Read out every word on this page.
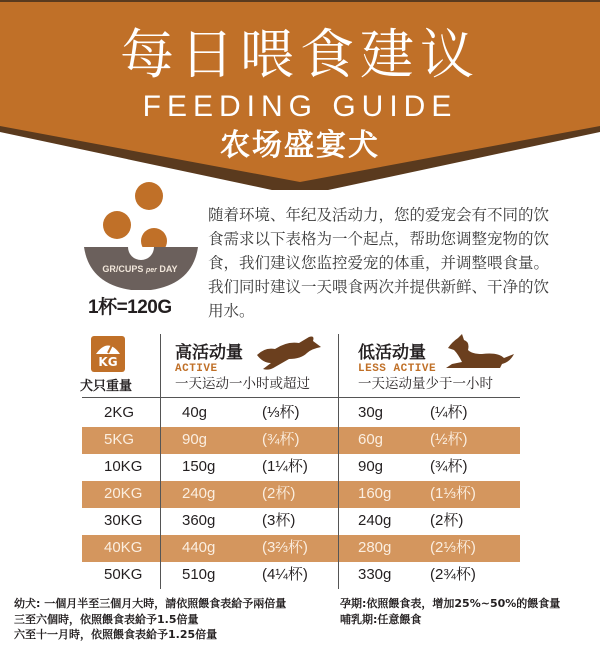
每日喂食建议
FEEDING GUIDE
农场盛宴犬
GR/CUPS per DAY
1杯=120G
随着环境、年纪及活动力，您的爱宠会有不同的饮食需求以下表格为一个起点，帮助您调整宠物的饮食，我们建议您监控爱宠的体重，并调整喂食量。我们同时建议一天喂食两次并提供新鲜、干净的饮用水。
KG
犬只重量
高活动量
ACTIVE
一天运动一小时或超过
低活动量
LESS ACTIVE
一天运动量少于一小时
2KG	40g	(⅓杯)	30g	(¼杯)
5KG	90g	(¾杯)	60g	(½杯)
10KG	150g	(1¼杯)	90g	(¾杯)
20KG	240g	(2杯)	160g	(1⅓杯)
30KG	360g	(3杯)	240g	(2杯)
40KG	440g	(3⅔杯)	280g	(2⅓杯)
50KG	510g	(4¼杯)	330g	(2¾杯)
幼犬: 一個月半至三個月大時，請依照餵食表給予兩倍量
三至六個時，依照餵食表給予1.5倍量
六至十一月時，依照餵食表給予1.25倍量
孕期:依照餵食表，增加25%~50%的餵食量
哺乳期:任意餵食
